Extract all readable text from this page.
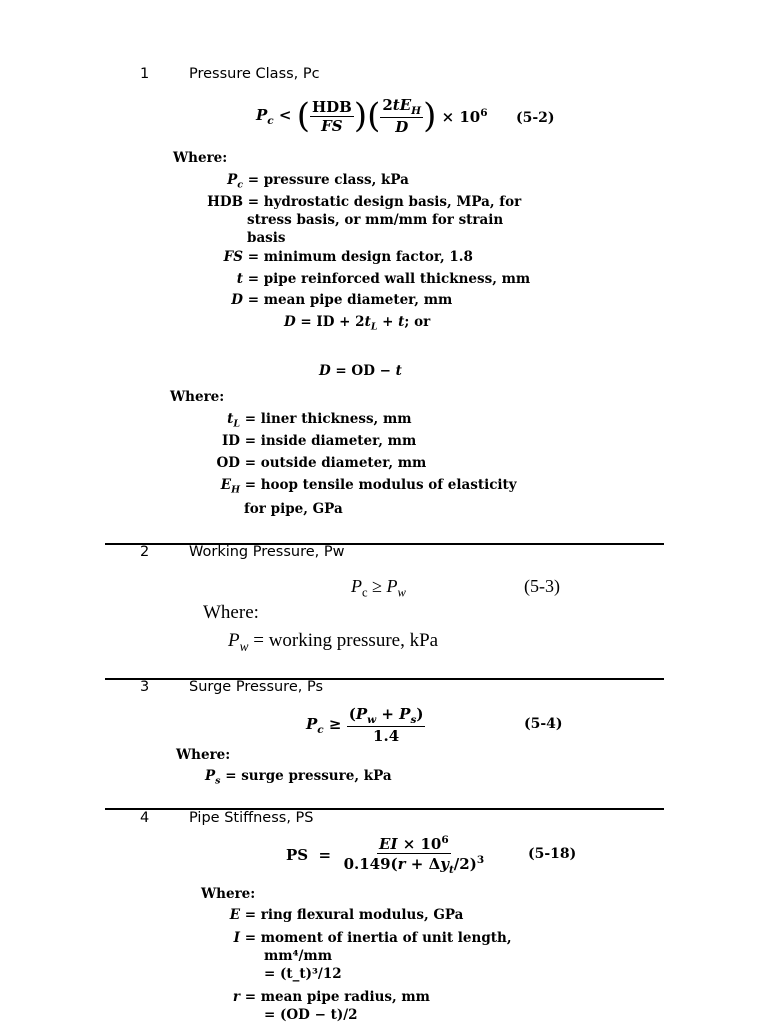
1	Pressure Class, Pc
$P_c$ < ( $\frac{\text{HDB}}{FS}$ )( $\frac{2tE_H}{D}$ ) × $10^6$ (5-2)
Where:
$P_c$ = pressure class, kPa
HDB = hydrostatic design basis, MPa, for
stress basis, or mm/mm for strain
basis
FS = minimum design factor, 1.8
t = pipe reinforced wall thickness, mm
D = mean pipe diameter, mm
D = ID + $2t_L + t$; or
D = OD − t
Where:
$t_L$ = liner thickness, mm
ID = inside diameter, mm
OD = outside diameter, mm
$E_H$ = hoop tensile modulus of elasticity
for pipe, GPa
2	Working Pressure, Pw
$P_c \ge P_w$	(5-3)
Where:
$P_w$ = working pressure, kPa
3	Surge Pressure, Ps
$P_c \ge \frac{(P_w + P_s)}{1.4}$	(5-4)
Where:
$P_s$ = surge pressure, kPa
4	Pipe Stiffness, PS
PS  = $\frac{EI \times 10^6}{0.149(r + \Delta y_t/2)^3}$	(5-18)
Where:
E = ring flexural modulus, GPa
I = moment of inertia of unit length,
mm⁴/mm
= (t_t)³/12
r = mean pipe radius, mm
= (OD − t)/2
